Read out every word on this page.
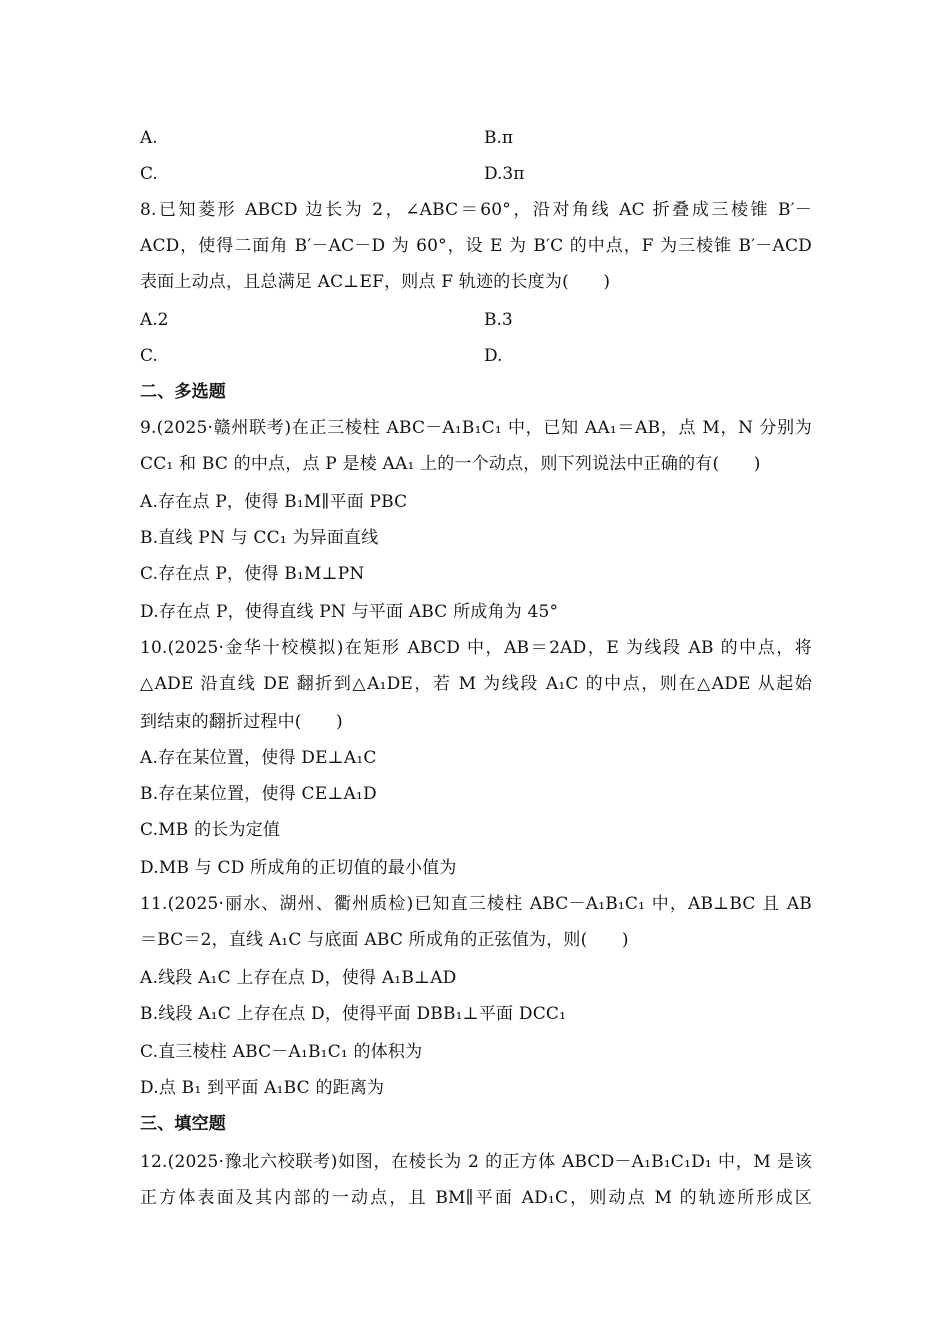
A.	B.π
C.	D.3π
8.已知菱形 ABCD 边长为 2，∠ABC＝60°，沿对角线 AC 折叠成三棱锥 B′－
ACD，使得二面角 B′－AC－D 为 60°，设 E 为 B′C 的中点，F 为三棱锥 B′－ACD
表面上动点，且总满足 AC⊥EF，则点 F 轨迹的长度为(　　)
A.2	B.3
C.	D.
二、多选题
9.(2025·赣州联考)在正三棱柱 ABC－A₁B₁C₁ 中，已知 AA₁＝AB，点 M，N 分别为
CC₁ 和 BC 的中点，点 P 是棱 AA₁ 上的一个动点，则下列说法中正确的有(　　)
A.存在点 P，使得 B₁M∥平面 PBC
B.直线 PN 与 CC₁ 为异面直线
C.存在点 P，使得 B₁M⊥PN
D.存在点 P，使得直线 PN 与平面 ABC 所成角为 45°
10.(2025·金华十校模拟)在矩形 ABCD 中，AB＝2AD，E 为线段 AB 的中点，将
△ADE 沿直线 DE 翻折到△A₁DE，若 M 为线段 A₁C 的中点，则在△ADE 从起始
到结束的翻折过程中(　　)
A.存在某位置，使得 DE⊥A₁C
B.存在某位置，使得 CE⊥A₁D
C.MB 的长为定值
D.MB 与 CD 所成角的正切值的最小值为
11.(2025·丽水、湖州、衢州质检)已知直三棱柱 ABC－A₁B₁C₁ 中，AB⊥BC 且 AB
＝BC＝2，直线 A₁C 与底面 ABC 所成角的正弦值为，则(　　)
A.线段 A₁C 上存在点 D，使得 A₁B⊥AD
B.线段 A₁C 上存在点 D，使得平面 DBB₁⊥平面 DCC₁
C.直三棱柱 ABC－A₁B₁C₁ 的体积为
D.点 B₁ 到平面 A₁BC 的距离为
三、填空题
12.(2025·豫北六校联考)如图，在棱长为 2 的正方体 ABCD－A₁B₁C₁D₁ 中，M 是该
正方体表面及其内部的一动点，且 BM∥平面 AD₁C，则动点 M 的轨迹所形成区
